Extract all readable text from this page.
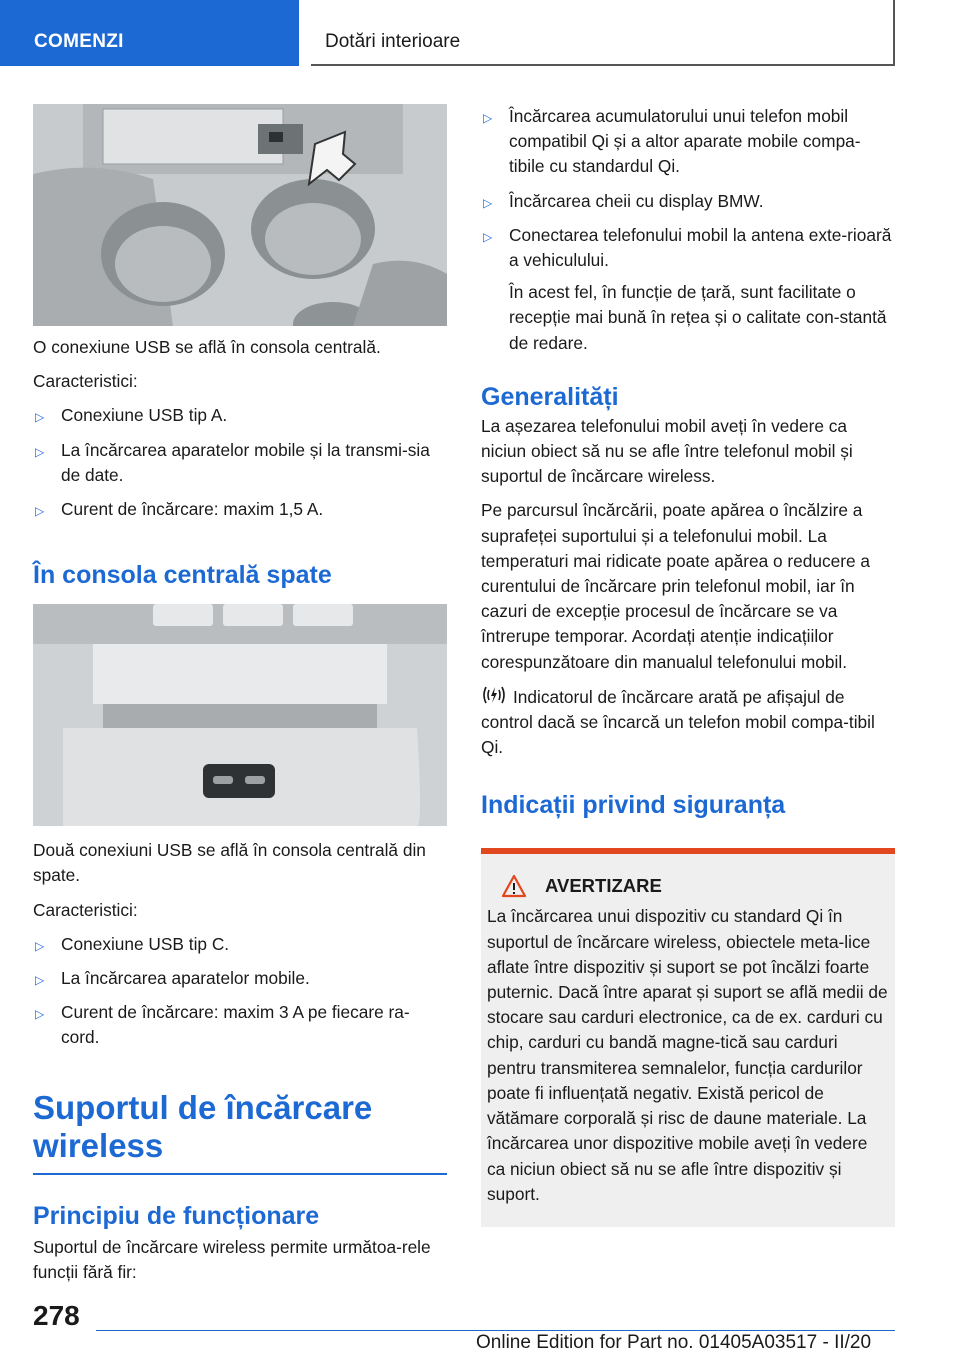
COMENZI	Dotări interioare

O conexiune USB se află în consola centrală.

Caracteristici:

▷ Conexiune USB tip A.
▷ La încărcarea aparatelor mobile și la transmi‐sia de date.
▷ Curent de încărcare: maxim 1,5 A.
În consola centrală spate

Două conexiuni USB se află în consola centrală din spate.

Caracteristici:

▷ Conexiune USB tip C.
▷ La încărcarea aparatelor mobile.
▷ Curent de încărcare: maxim 3 A pe fiecare ra‐cord.
Suportul de încărcare wireless
Principiu de funcționare

Suportul de încărcare wireless permite următoa‐rele funcții fără fir:

▷ Încărcarea acumulatorului unui telefon mobil compatibil Qi și a altor aparate mobile compa‐tibile cu standardul Qi.
▷ Încărcarea cheii cu display BMW.
▷ Conectarea telefonului mobil la antena exte‐rioară a vehiculului.
În acest fel, în funcție de țară, sunt facilitate o recepție mai bună în rețea și o calitate con‐stantă de redare.
Generalități

La așezarea telefonului mobil aveți în vedere ca niciun obiect să nu se afle între telefonul mobil și suportul de încărcare wireless.

Pe parcursul încărcării, poate apărea o încălzire a suprafeței suportului și a telefonului mobil. La temperaturi mai ridicate poate apărea o reducere a curentului de încărcare prin telefonul mobil, iar în cazuri de excepție procesul de încărcare se va întrerupe temporar. Acordați atenție indicațiilor corespunzătoare din manualul telefonului mobil.

Indicatorul de încărcare arată pe afișajul de control dacă se încarcă un telefon mobil compa‐tibil Qi.

Indicații privind siguranța
AVERTIZARE

La încărcarea unui dispozitiv cu standard Qi în suportul de încărcare wireless, obiectele meta‐lice aflate între dispozitiv și suport se pot încălzi foarte puternic. Dacă între aparat și suport se află medii de stocare sau carduri electronice, ca de ex. carduri cu chip, carduri cu bandă magne‐tică sau carduri pentru transmiterea semnalelor, funcția cardurilor poate fi influențată negativ. Există pericol de vătămare corporală și risc de daune materiale. La încărcarea unor dispozitive mobile aveți în vedere ca niciun obiect să nu se afle între dispozitiv și suport.

278
Online Edition for Part no. 01405A03517 - II/20
